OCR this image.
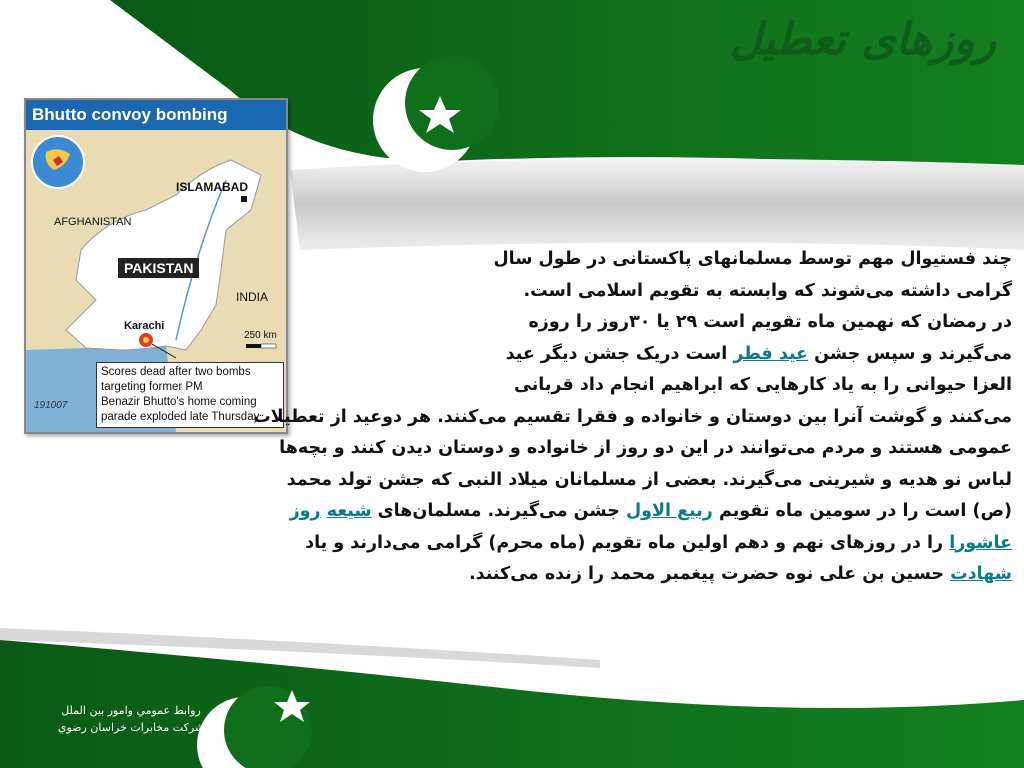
روزهای تعطیل
Bhutto convoy bombing
ISLAMABAD
AFGHANISTAN
PAKISTAN
INDIA
Karachi
250 km
Scores dead after two bombs
targeting former PM
Benazir Bhutto's home coming
parade exploded late Thursday
191007
چند فستیوال مهم توسط مسلمانهای پاکستانی در طول سال
گرامی داشته می‌شوند که وابسته به تقویم اسلامی است.
در رمضان که نهمین ماه تقویم است ۲۹ یا ۳۰روز را روزه
می‌گیرند و سپس جشن عید فطر است دریک جشن دیگر عید
العزا حیوانی را به یاد کارهایی که ابراهیم انجام داد قربانی
می‌کنند و گوشت آنرا بین دوستان و خانواده و فقرا تقسیم می‌کنند. هر دوعید از تعطیلات
عمومی هستند و مردم می‌توانند در این دو روز از خانواده و دوستان دیدن کنند و بچه‌ها
لباس نو هدیه و شیرینی می‌گیرند. بعضی از مسلمانان میلاد النبی که جشن تولد محمد
(ص) است را در سومین ماه تقویم ربیع الاول جشن می‌گیرند. مسلمان‌های شیعه روز
عاشورا را در روزهای نهم و دهم اولین ماه تقویم (ماه محرم) گرامی می‌دارند و یاد
شهادت حسین بن علی نوه حضرت پیغمبر محمد را زنده می‌کنند.
روابط عمومي وامور بين الملل
شركت مخابرات خراسان رضوي
